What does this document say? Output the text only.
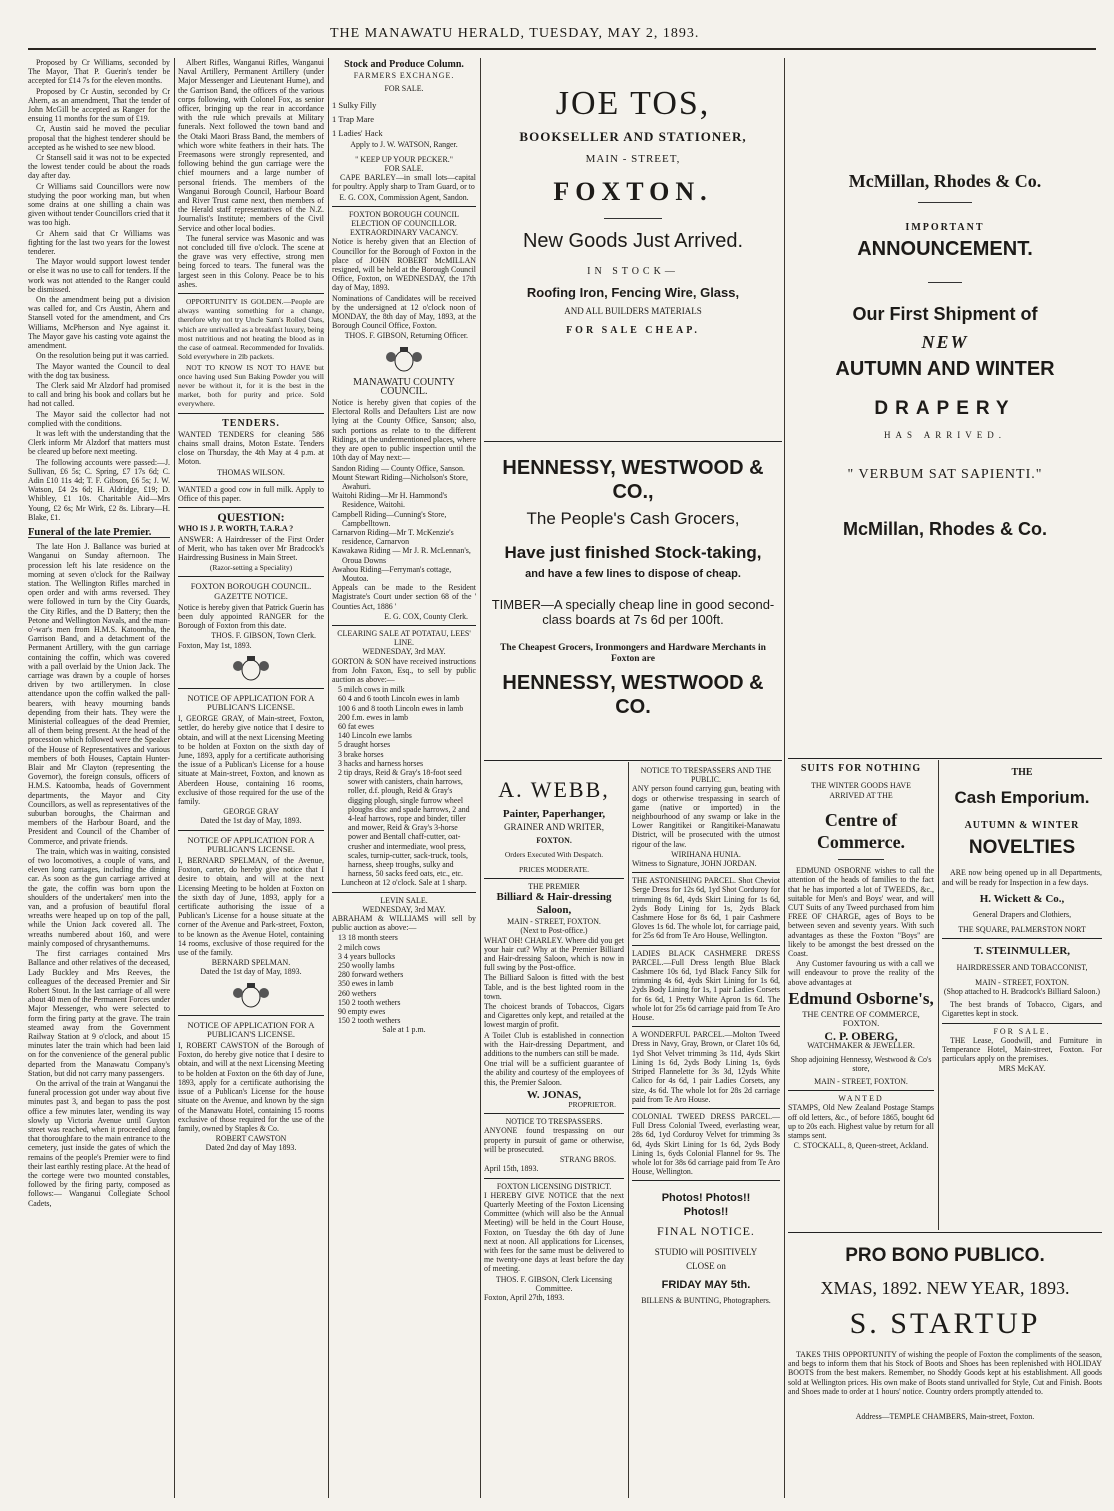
THE MANAWATU HERALD, TUESDAY, MAY 2, 1893.

Proposed by Cr Williams, seconded by The Mayor, That P. Guerin's tender be accepted for £14 7s for the eleven months.

Proposed by Cr Austin, seconded by Cr Ahern, as an amendment, That the tender of John McGill be accepted as Ranger for the ensuing 11 months for the sum of £19.

Cr, Austin said he moved the peculiar proposal that the highest tenderer should be accepted as he wished to see new blood.

Cr Stansell said it was not to be expected the lowest tender could be about the roads day after day.

Cr Williams said Councillors were now studying the poor working man, but when some drains at one shilling a chain was given without tender Councillors cried that it was too high.

Cr Ahern said that Cr Williams was fighting for the last two years for the lowest tenderer.

The Mayor would support lowest tender or else it was no use to call for tenders. If the work was not attended to the Ranger could be dismissed.

On the amendment being put a division was called for, and Crs Austin, Ahern and Stansell voted for the amendment, and Crs Williams, McPherson and Nye against it. The Mayor gave his casting vote against the amendment.

On the resolution being put it was carried.

The Mayor wanted the Council to deal with the dog tax business.

The Clerk said Mr Alzdorf had promised to call and bring his book and collars but he had not called.

The Mayor said the collector had not complied with the conditions.

It was left with the understanding that the Clerk inform Mr Alzdorf that matters must be cleared up before next meeting.

The following accounts were passed:—J. Sullivan, £6 5s; C. Spring, £7 17s 6d; C. Adin £10 11s 4d; T. F. Gibson, £6 5s; J. W. Watson, £4 2s 6d; H. Aldridge, £19; D. Whibley, £1 10s. Charitable Aid—Mrs Young, £2 6s; Mr Wirk, £2 8s. Library—H. Blake, £1.

Funeral of the late Premier.

The late Hon J. Ballance was buried at Wanganui on Sunday afternoon. The procession left his late residence on the morning at seven o'clock for the Railway station. The Wellington Rifles marched in open order and with arms reversed. They were followed in turn by the City Guards, the City Rifles, and the D Battery; then the Petone and Wellington Navals, and the man-o'-war's men from H.M.S. Katoomba, the Garrison Band, and a detachment of the Permanent Artillery, with the gun carriage containing the coffin, which was covered with a pall overlaid by the Union Jack. The carriage was drawn by a couple of horses driven by two artillerymen. In close attendance upon the coffin walked the pall-bearers, with heavy mourning bands depending from their hats. They were the Ministerial colleagues of the dead Premier, all of them being present. At the head of the procession which followed were the Speaker of the House of Representatives and various members of both Houses, Captain Hunter-Blair and Mr Clayton (representing the Governor), the foreign consuls, officers of H.M.S. Katoomba, heads of Government departments, the Mayor and City Councillors, as well as representatives of the suburban boroughs, the Chairman and members of the Harbour Board, and the President and Council of the Chamber of Commerce, and private friends.

The train, which was in waiting, consisted of two locomotives, a couple of vans, and eleven long carriages, including the dining car. As soon as the gun carriage arrived at the gate, the coffin was born upon the shoulders of the undertakers' men into the van, and a profusion of beautiful floral wreaths were heaped up on top of the pall, while the Union Jack covered all. The wreaths numbered about 160, and were mainly composed of chrysanthemums.

The first carriages contained Mrs Ballance and other relatives of the deceased, Lady Buckley and Mrs Reeves, the colleagues of the deceased Premier and Sir Robert Stout. In the last carriage of all were about 40 men of the Permanent Forces under Major Messenger, who were selected to form the firing party at the grave. The train steamed away from the Government Railway Station at 9 o'clock, and about 15 minutes later the train which had been laid on for the convenience of the general public departed from the Manawatu Company's Station, but did not carry many passengers.

On the arrival of the train at Wanganui the funeral procession got under way about five minutes past 3, and began to pass the post office a few minutes later, wending its way slowly up Victoria Avenue until Guyton street was reached, when it proceeded along that thoroughfare to the main entrance to the cemetery, just inside the gates of which the remains of the people's Premier were to find their last earthly resting place. At the head of the cortege were two mounted constables, followed by the firing party, composed as follows:— Wanganui Collegiate School Cadets,

Albert Rifles, Wanganui Rifles, Wanganui Naval Artillery, Permanent Artillery (under Major Messenger and Lieutenant Hume), and the Garrison Band, the officers of the various corps following, with Colonel Fox, as senior officer, bringing up the rear in accordance with the rule which prevails at Military funerals. Next followed the town band and the Otaki Maori Brass Band, the members of which wore white feathers in their hats. The Freemasons were strongly represented, and following behind the gun carriage were the chief mourners and a large number of personal friends. The members of the Wanganui Borough Council, Harbour Board and River Trust came next, then members of the Herald staff representatives of the N.Z. Journalist's Institute; members of the Civil Service and other local bodies.

The funeral service was Masonic and was not concluded till five o'clock. The scene at the grave was very effective, strong men being forced to tears. The funeral was the largest seen in this Colony. Peace be to his ashes.

OPPORTUNITY IS GOLDEN.—People are always wanting something for a change, therefore why not try Uncle Sam's Rolled Oats, which are unrivalled as a breakfast luxury, being most nutritious and not heating the blood as in the case of oatmeal. Recommended for Invalids. Sold everywhere in 2lb packets.

NOT TO KNOW IS NOT TO HAVE but once having used Sun Baking Powder you will never be without it, for it is the best in the market, both for purity and price. Sold everywhere.

TENDERS.

WANTED TENDERS for cleaning 586 chains small drains, Moton Estate. Tenders close on Thursday, the 4th May at 4 p.m. at Moton.

THOMAS WILSON.

WANTED a good cow in full milk. Apply to Office of this paper.

QUESTION:

WHO IS J. P. WORTH, T.A.R.A ?

ANSWER: A Hairdresser of the First Order of Merit, who has taken over Mr Bradcock's Hairdressing Business in Main Street.

(Razor-setting a Speciality)
FOXTON BOROUGH COUNCIL. GAZETTE NOTICE.

Notice is hereby given that Patrick Guerin has been duly appointed RANGER for the Borough of Foxton from this date.

THOS. F. GIBSON, Town Clerk.
Foxton, May 1st, 1893.
NOTICE OF APPLICATION FOR A PUBLICAN'S LICENSE.

I, GEORGE GRAY, of Main-street, Foxton, settler, do hereby give notice that I desire to obtain, and will at the next Licensing Meeting to be holden at Foxton on the sixth day of June, 1893, apply for a certificate authorising the issue of a Publican's License for a house situate at Main-street, Foxton, and known as Aberdeen House, containing 16 rooms, exclusive of those required for the use of the family.

GEORGE GRAY
Dated the 1st day of May, 1893.
NOTICE OF APPLICATION FOR A PUBLICAN'S LICENSE.

I, BERNARD SPELMAN, of the Avenue, Foxton, carter, do hereby give notice that I desire to obtain, and will at the next Licensing Meeting to be holden at Foxton on the sixth day of June, 1893, apply for a certificate authorising the issue of a Publican's License for a house situate at the corner of the Avenue and Park-street, Foxton, to be known as the Avenue Hotel, containing 14 rooms, exclusive of those required for the use of the family.

BERNARD SPELMAN.
Dated the 1st day of May, 1893.
NOTICE OF APPLICATION FOR A PUBLICAN'S LICENSE.

I, ROBERT CAWSTON of the Borough of Foxton, do hereby give notice that I desire to obtain, and will at the next Licensing Meeting to be holden at Foxton on the 6th day of June, 1893, apply for a certificate authorising the issue of a Publican's License for the house situate on the Avenue, and known by the sign of the Manawatu Hotel, containing 15 rooms exclusive of those required for the use of the family, owned by Staples & Co.

ROBERT CAWSTON
Dated 2nd day of May 1893.
Stock and Produce Column.
FARMERS EXCHANGE.
FOR SALE.
1 Sulky Filly
1 Trap Mare
1 Ladies' Hack
Apply to J. W. WATSON, Ranger.
" KEEP UP YOUR PECKER."
FOR SALE.

CAPE BARLEY—in small lots—capital for poultry. Apply sharp to Tram Guard, or to

E. G. COX, Commission Agent, Sandon.
FOXTON BOROUGH COUNCIL
ELECTION OF COUNCILLOR.
EXTRAORDINARY VACANCY.

Notice is hereby given that an Election of Councillor for the Borough of Foxton in the place of JOHN ROBERT McMILLAN resigned, will be held at the Borough Council Office, Foxton, on WEDNESDAY, the 17th day of May, 1893.

Nominations of Candidates will be received by the undersigned at 12 o'clock noon of MONDAY, the 8th day of May, 1893, at the Borough Council Office, Foxton.

THOS. F. GIBSON, Returning Officer.
MANAWATU COUNTY COUNCIL.

Notice is hereby given that copies of the Electoral Rolls and Defaulters List are now lying at the County Office, Sanson; also, such portions as relate to to the different Ridings, at the undermentioned places, where they are open to public inspection until the 10th day of May next:—

Sandon Riding — County Office, Sanson.
Mount Stewart Riding—Nicholson's Store, Awahuri.
Waitohi Riding—Mr H. Hammond's Residence, Waitohi.
Campbell Riding—Cunning's Store, Campbelltown.
Carnarvon Riding—Mr T. McKenzie's residence, Carnarvon
Kawakawa Riding — Mr J. R. McLennan's, Oroua Downs
Awahou Riding—Ferryman's cottage, Moutoa.

Appeals can be made to the Resident Magistrate's Court under section 68 of the ' Counties Act, 1886 '

E. G. COX, County Clerk.
CLEARING SALE AT POTATAU, LEES' LINE.
WEDNESDAY, 3rd MAY.

GORTON & SON have received instructions from John Faxon, Esq., to sell by public auction as above:—

5 milch cows in milk
60 4 and 6 tooth Lincoln ewes in lamb
100 6 and 8 tooth Lincoln ewes in lamb
200 f.m. ewes in lamb
60 fat ewes
140 Lincoln ewe lambs
5 draught horses
3 brake horses
3 hacks and harness horses
2 tip drays, Reid & Gray's 18-foot seed sower with canisters, chain harrows, roller, d.f. plough, Reid & Gray's digging plough, single furrow wheel ploughs disc and spade harrows, 2 and 4-leaf harrows, rope and binder, tiller and mower, Reid & Gray's 3-horse power and Bentall chaff-cutter, oat-crusher and intermediate, wool press, scales, turnip-cutter, sack-truck, tools, harness, sheep troughs, sulky and harness, 50 sacks feed oats, etc., etc.
Luncheon at 12 o'clock. Sale at 1 sharp.
LEVIN SALE.
WEDNESDAY, 3rd MAY.

ABRAHAM & WILLIAMS will sell by public auction as above:—

13 18 month steers
2 milch cows
3 4 years bullocks
250 woolly lambs
280 forward wethers
350 ewes in lamb
260 wethers
150 2 tooth wethers
90 empty ewes
150 2 tooth wethers
Sale at 1 p.m.
JOE TOS,
BOOKSELLER AND STATIONER,
MAIN - STREET,
FOXTON.
New Goods Just Arrived.
IN STOCK—
Roofing Iron, Fencing Wire, Glass,
AND ALL BUILDERS MATERIALS
FOR SALE CHEAP.
HENNESSY, WESTWOOD & CO.,
The People's Cash Grocers,
Have just finished Stock-taking,
and have a few lines to dispose of cheap.
TIMBER—A specially cheap line in good second-class boards at 7s 6d per 100ft.
The Cheapest Grocers, Ironmongers and Hardware Merchants in Foxton are
HENNESSY, WESTWOOD & CO.
A. WEBB,
Painter, Paperhanger,
GRAINER AND WRITER,
FOXTON.
Orders Executed With Despatch.
PRICES MODERATE.
THE PREMIER
Billiard & Hair-dressing Saloon,
MAIN - STREET, FOXTON.
(Next to Post-office.)

WHAT OH! CHARLEY. Where did you get your hair cut? Why at the Premier Billiard and Hair-dressing Saloon, which is now in full swing by the Post-office.

The Billiard Saloon is fitted with the best Table, and is the best lighted room in the town.

The choicest brands of Tobaccos, Cigars and Cigarettes only kept, and retailed at the lowest margin of profit.

A Toilet Club is established in connection with the Hair-dressing Department, and additions to the numbers can still be made.

One trial will be a sufficient guarantee of the ability and courtesy of the employees of this, the Premier Saloon.

W. JONAS,
PROPRIETOR.
NOTICE TO TRESPASSERS.

ANYONE found trespassing on our property in pursuit of game or otherwise, will be prosecuted.

STRANG BROS.
April 15th, 1893.
FOXTON LICENSING DISTRICT.

I HEREBY GIVE NOTICE that the next Quarterly Meeting of the Foxton Licensing Committee (which will also be the Annual Meeting) will be held in the Court House, Foxton, on Tuesday the 6th day of June next at noon. All applications for Licenses, with fees for the same must be delivered to me twenty-one days at least before the day of meeting.

THOS. F. GIBSON, Clerk Licensing Committee.
Foxton, April 27th, 1893.
NOTICE TO TRESPASSERS AND THE PUBLIC.

ANY person found carrying gun, beating with dogs or otherwise trespassing in search of game (native or imported) in the neighbourhood of any swamp or lake in the Lower Rangitikei or Rangitikei-Manawatu District, will be prosecuted with the utmost rigour of the law.

WIRIHANA HUNIA.
Witness to Signature, JOHN JORDAN.

THE ASTONISHING PARCEL. Shot Cheviot Serge Dress for 12s 6d, 1yd Shot Corduroy for trimming 8s 6d, 4yds Skirt Lining for 1s 6d, 2yds Body Lining for 1s, 2yds Black Cashmere Hose for 8s 6d, 1 pair Cashmere Gloves 1s 6d. The whole lot, for carriage paid, for 25s 6d from Te Aro House, Wellington.

LADIES BLACK CASHMERE DRESS PARCEL.—Full Dress length Blue Black Cashmere 10s 6d, 1yd Black Fancy Silk for trimming 4s 6d, 4yds Skirt Lining for 1s 6d, 2yds Body Lining for 1s, 1 pair Ladies Corsets for 6s 6d, 1 Pretty White Apron 1s 6d. The whole lot for 25s 6d carriage paid from Te Aro House.

A WONDERFUL PARCEL.—Molton Tweed Dress in Navy, Gray, Brown, or Claret 10s 6d, 1yd Shot Velvet trimming 3s 11d, 4yds Skirt Lining 1s 6d, 2yds Body Lining 1s, 6yds Striped Flannelette for 3s 3d, 12yds White Calico for 4s 6d, 1 pair Ladies Corsets, any size, 4s 6d. The whole lot for 28s 2d carriage paid from Te Aro House.

COLONIAL TWEED DRESS PARCEL.—Full Dress Colonial Tweed, everlasting wear, 28s 6d, 1yd Corduroy Velvet for trimming 3s 6d, 4yds Skirt Lining for 1s 6d, 2yds Body Lining 1s, 6yds Colonial Flannel for 9s. The whole lot for 38s 6d carriage paid from Te Aro House, Wellington.

Photos! Photos!! Photos!!
FINAL NOTICE.
STUDIO will POSITIVELY CLOSE on
FRIDAY MAY 5th.
BILLENS & BUNTING, Photographers.
McMillan, Rhodes & Co.
IMPORTANT
ANNOUNCEMENT.
Our First Shipment of
NEW
AUTUMN AND WINTER
DRAPERY
HAS ARRIVED.
" VERBUM SAT SAPIENTI."
McMillan, Rhodes & Co.
SUITS FOR NOTHING
THE WINTER GOODS HAVE ARRIVED AT THE
Centre of Commerce.

EDMUND OSBORNE wishes to call the attention of the heads of families to the fact that he has imported a lot of TWEEDS, &c., suitable for Men's and Boys' wear, and will CUT Suits of any Tweed purchased from him FREE OF CHARGE, ages of Boys to be between seven and seventy years. With such advantages as these the Foxton "Boys" are likely to be amongst the best dressed on the Coast.

Any Customer favouring us with a call we will endeavour to prove the reality of the above advantages at

Edmund Osborne's,
THE CENTRE OF COMMERCE, FOXTON.
C. P. OBERG,
WATCHMAKER & JEWELLER.
Shop adjoining Hennessy, Westwood & Co's store,
MAIN - STREET, FOXTON.
WANTED

STAMPS, Old New Zealand Postage Stamps off old letters, &c., of before 1865, bought 6d up to 20s each. Highest value by return for all stamps sent.

C. STOCKALL, 8, Queen-street, Ackland.
THE
Cash Emporium.
AUTUMN & WINTER
NOVELTIES

ARE now being opened up in all Departments, and will be ready for Inspection in a few days.

H. Wickett & Co.,
General Drapers and Clothiers,
THE SQUARE, PALMERSTON NORT
T. STEINMULLER,
HAIRDRESSER AND TOBACCONIST,
MAIN - STREET, FOXTON.
(Shop attached to H. Bradcock's Billiard Saloon.)

The best brands of Tobacco, Cigars, and Cigarettes kept in stock.

FOR SALE.

THE Lease, Goodwill, and Furniture in Temperance Hotel, Main-street, Foxton. For particulars apply on the premises.

MRS McKAY.
PRO BONO PUBLICO.
XMAS, 1892. NEW YEAR, 1893.
S. STARTUP

TAKES THIS OPPORTUNITY of wishing the people of Foxton the compliments of the season, and begs to inform them that his Stock of Boots and Shoes has been replenished with HOLIDAY BOOTS from the best makers. Remember, no Shoddy Goods kept at his establishment. All goods sold at Wellington prices. His own make of Boots stand unrivalled for Style, Cut and Finish. Boots and Shoes made to order at 1 hours' notice. Country orders promptly attended to.

Address—TEMPLE CHAMBERS, Main-street, Foxton.
